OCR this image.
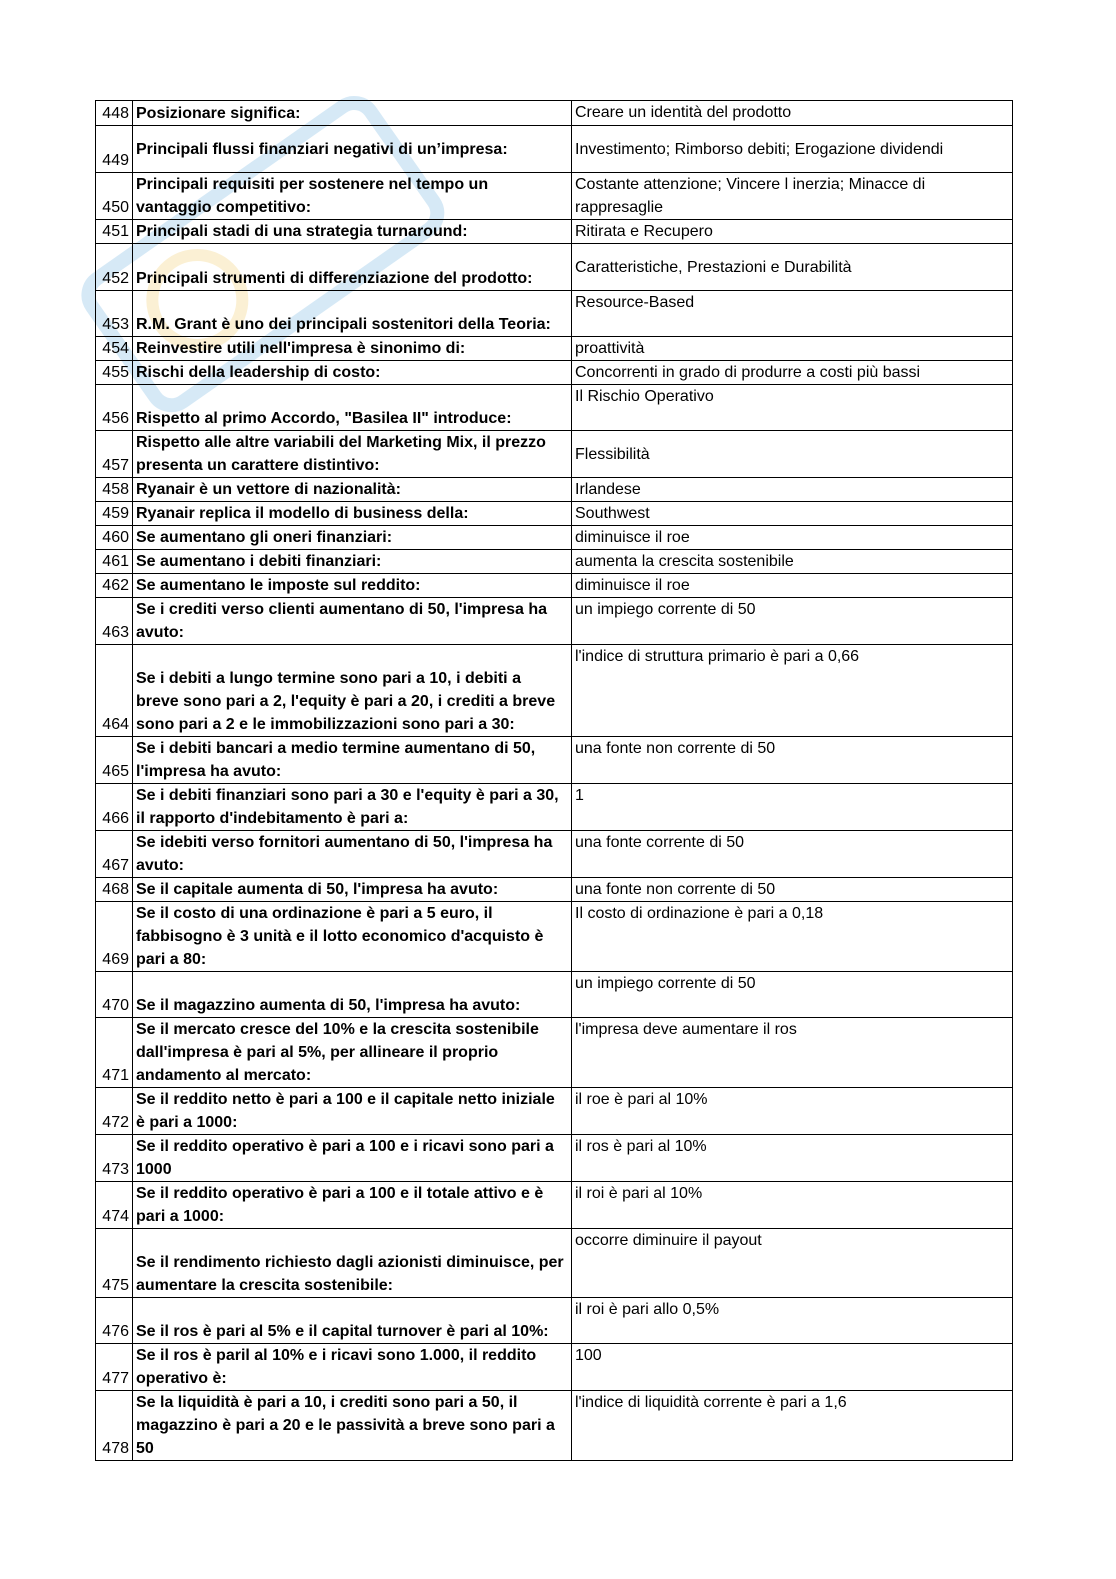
448	Posizionare significa:	Creare un identità del prodotto
449	Principali flussi finanziari negativi di un’impresa:	Investimento; Rimborso debiti; Erogazione dividendi
450	Principali requisiti per sostenere nel tempo un vantaggio competitivo:	Costante attenzione; Vincere l inerzia; Minacce di rappresaglie
451	Principali stadi di una strategia turnaround:	Ritirata e Recupero
452	Principali strumenti di differenziazione del prodotto:	Caratteristiche, Prestazioni e Durabilità
453	R.M. Grant è uno dei principali sostenitori della Teoria:	Resource-Based
454	Reinvestire utili nell'impresa è sinonimo di:	proattività
455	Rischi della leadership di costo:	Concorrenti in grado di produrre a costi più bassi
456	Rispetto al primo Accordo, "Basilea II" introduce:	Il Rischio Operativo
457	Rispetto alle altre variabili del Marketing Mix, il prezzo presenta un carattere distintivo:	Flessibilità
458	Ryanair è un vettore di nazionalità:	Irlandese
459	Ryanair replica il modello di business della:	Southwest
460	Se aumentano gli oneri finanziari:	diminuisce il roe
461	Se aumentano i debiti finanziari:	aumenta la crescita sostenibile
462	Se aumentano le imposte sul reddito:	diminuisce il roe
463	Se i crediti verso clienti aumentano di 50, l'impresa ha avuto:	un impiego corrente di 50
464	Se i debiti a lungo termine sono pari a 10, i debiti a breve sono pari a 2, l'equity è pari a 20, i crediti a breve sono pari a 2 e le immobilizzazioni sono pari a 30:	l'indice di struttura primario è pari a 0,66
465	Se i debiti bancari a medio termine aumentano di 50, l'impresa ha avuto:	una fonte non corrente di 50
466	Se i debiti finanziari sono pari a 30 e l'equity è pari a 30, il rapporto d'indebitamento è pari a:	1
467	Se idebiti verso fornitori aumentano di 50, l'impresa ha avuto:	una fonte corrente di 50
468	Se il capitale aumenta di 50, l'impresa ha avuto:	una fonte non corrente di 50
469	Se il costo di una ordinazione è pari a 5 euro, il fabbisogno è 3 unità e il lotto economico d'acquisto è pari a 80:	Il costo di ordinazione è pari a 0,18
470	Se il magazzino aumenta di 50, l'impresa ha avuto:	un impiego corrente di 50
471	Se il mercato cresce del 10% e la crescita sostenibile dall'impresa è pari al 5%, per allineare il proprio andamento al mercato:	l'impresa deve aumentare il ros
472	Se il reddito netto è pari a 100 e il capitale netto iniziale è pari a 1000:	il roe è pari al 10%
473	Se il reddito operativo è pari a 100 e i ricavi sono pari a 1000	il ros è pari al 10%
474	Se il reddito operativo è pari a 100 e il totale attivo e è pari a 1000:	il roi è pari al 10%
475	Se il rendimento richiesto dagli azionisti diminuisce, per aumentare la crescita sostenibile:	occorre diminuire il payout
476	Se il ros è pari al 5% e il capital turnover è pari al 10%:	il roi è pari allo 0,5%
477	Se il ros è paril al 10% e i ricavi sono 1.000, il reddito operativo è:	100
478	Se la liquidità è pari a 10, i crediti sono pari a 50, il magazzino è pari a 20 e le passività a breve sono pari a 50	l'indice di liquidità corrente è pari a 1,6
